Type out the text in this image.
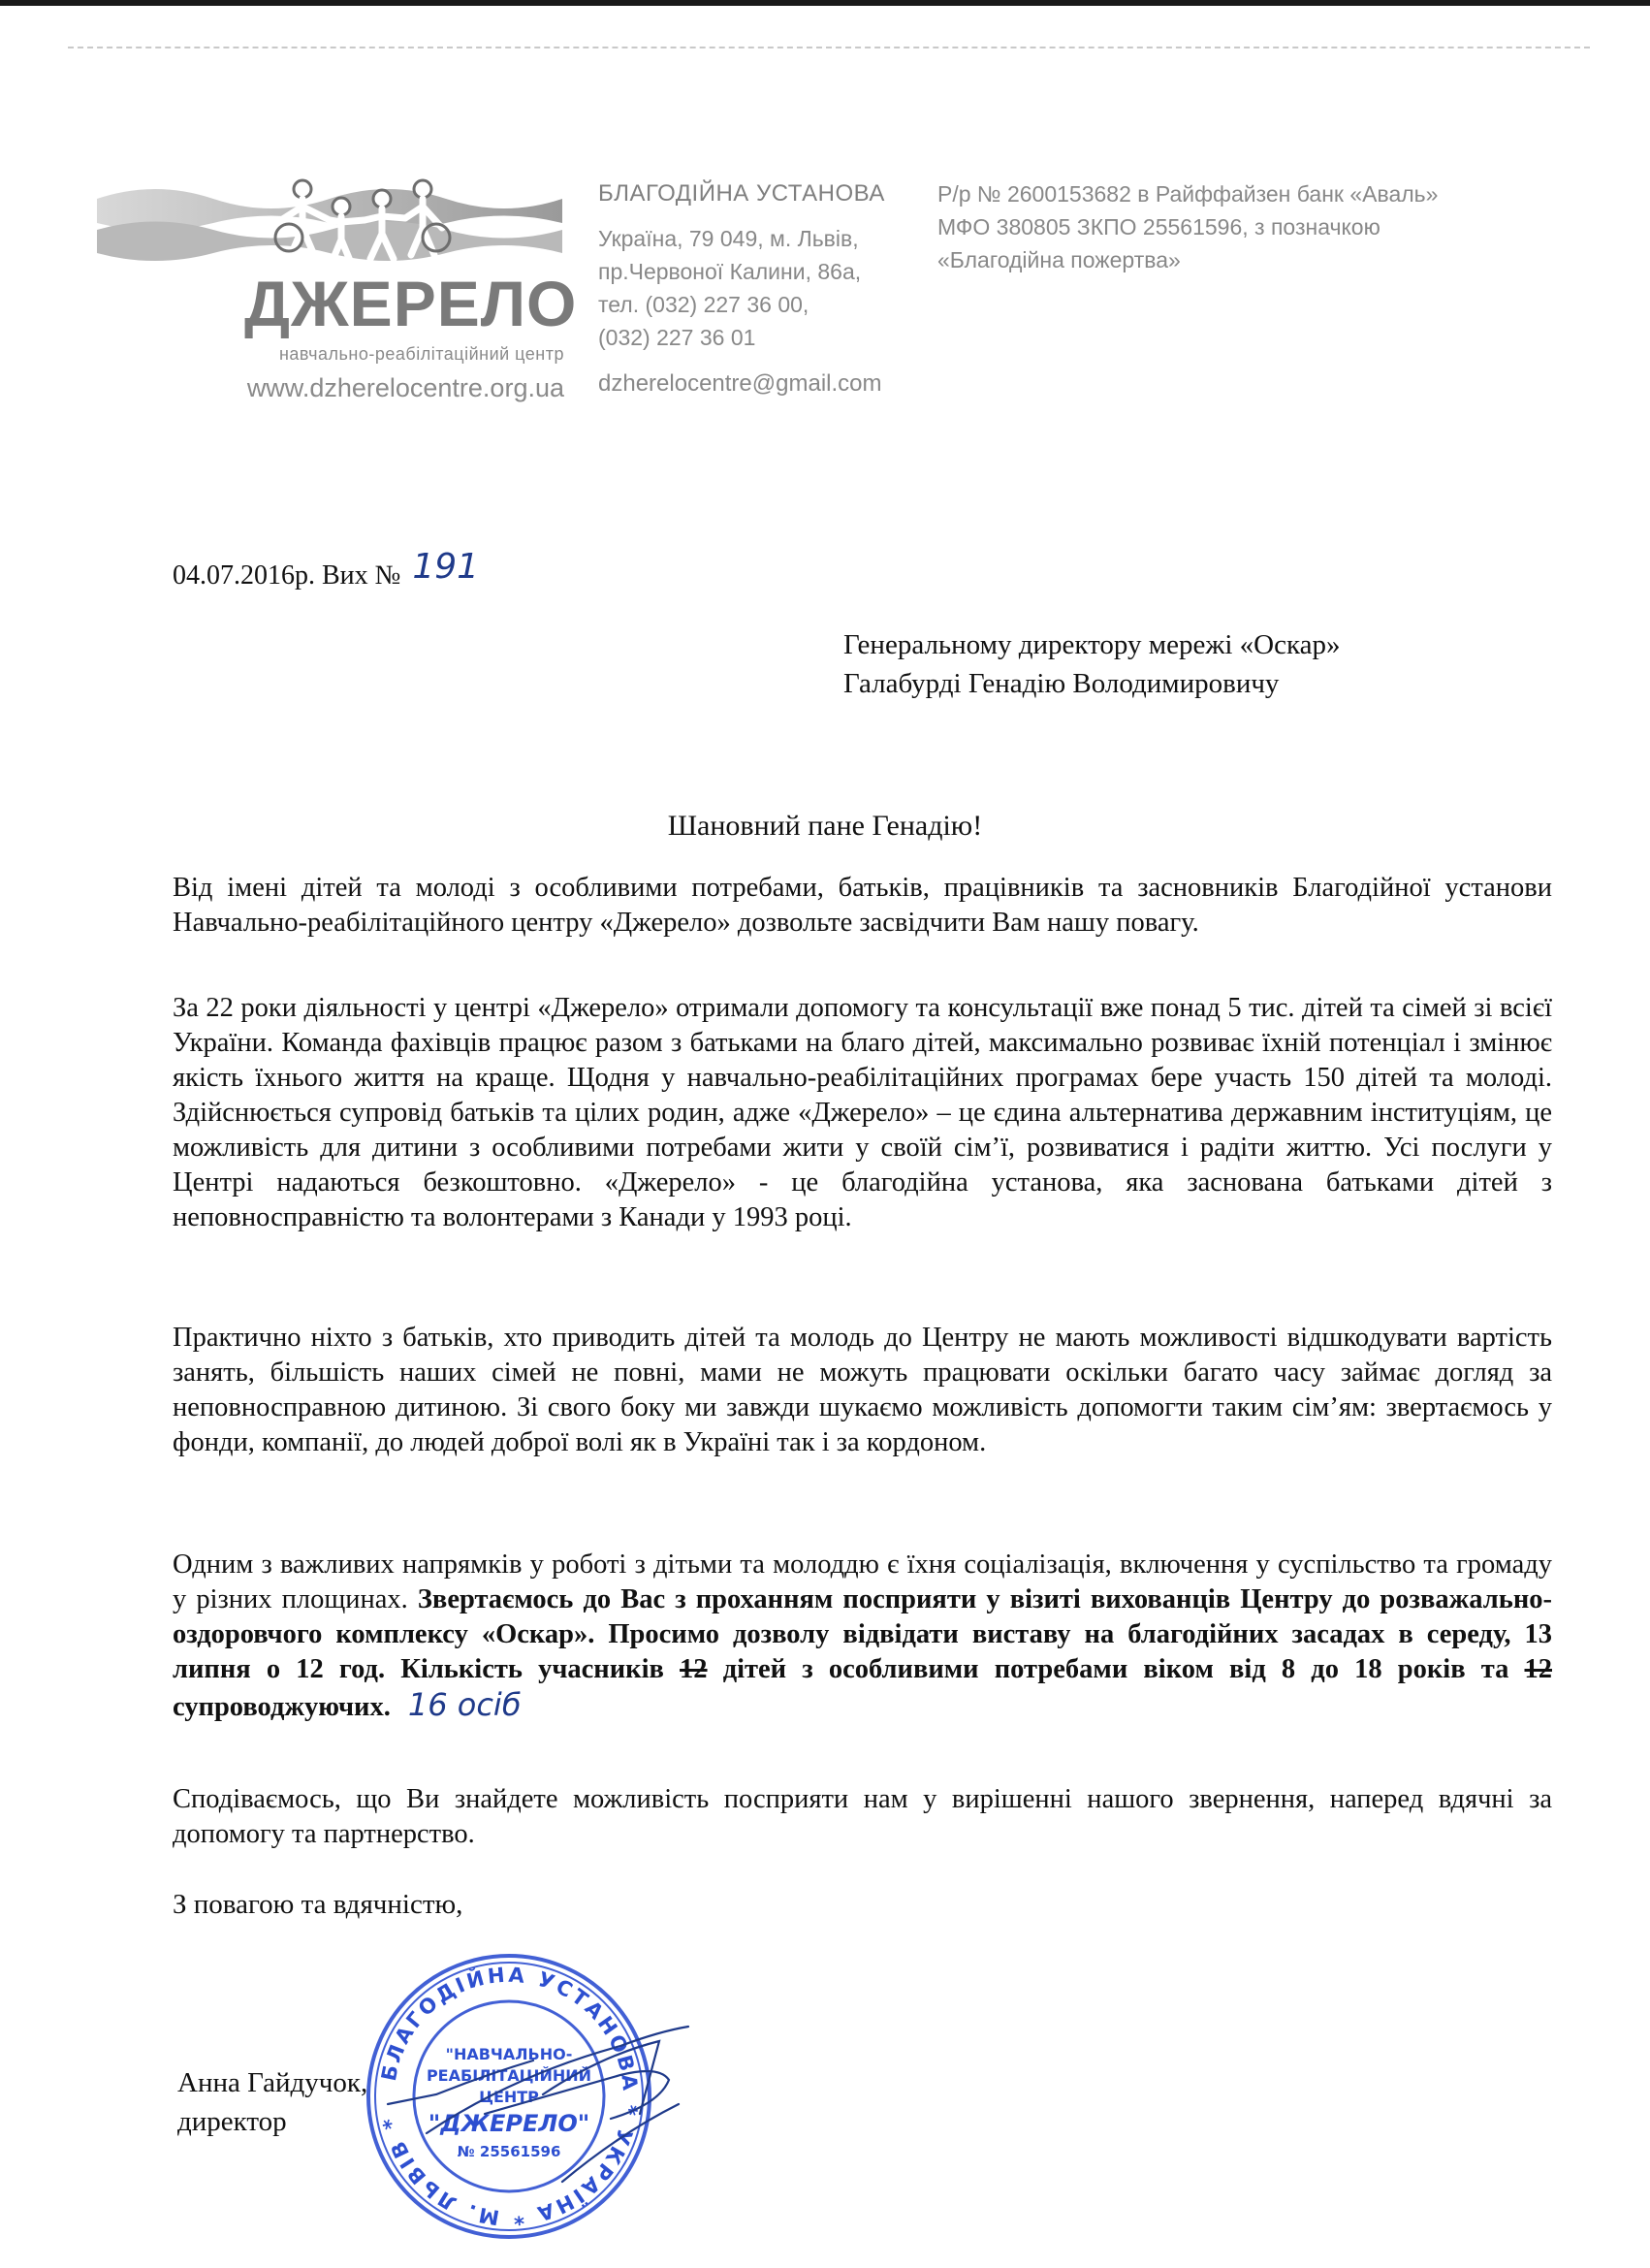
ДЖЕРЕЛО
навчально-реабілітаційний центр
www.dzherelocentre.org.ua
БЛАГОДІЙНА УСТАНОВА
Україна, 79 049, м. Львів,
пр.Червоної Калини, 86а,
тел. (032) 227 36 00,
(032) 227 36 01
dzherelocentre@gmail.com
Р/р № 2600153682 в Райффайзен банк «Аваль»
МФО 380805 ЗКПО 25561596, з позначкою
«Благодійна пожертва»
04.07.2016р. Вих № 191
Генеральному директору мережі «Оскар»
Галабурді Генадію Володимировичу
Шановний пане Генадію!

Від імені дітей та молоді з особливими потребами, батьків, працівників та засновників Благодійної установи Навчально-реабілітаційного центру «Джерело» дозвольте засвідчити Вам нашу повагу.

За 22 роки діяльності у центрі «Джерело» отримали допомогу та консультації вже понад 5 тис. дітей та сімей зі всієї України. Команда фахівців працює разом з батьками на благо дітей, максимально розвиває їхній потенціал і змінює якість їхнього життя на краще. Щодня у навчально-реабілітаційних програмах бере участь 150 дітей та молоді. Здійснюється супровід батьків та цілих родин, адже «Джерело» – це єдина альтернатива державним інституціям, це можливість для дитини з особливими потребами жити у своїй сім’ї, розвиватися і радіти життю. Усі послуги у Центрі надаються безкоштовно. «Джерело» - це благодійна установа, яка заснована батьками дітей з неповносправністю та волонтерами з Канади у 1993 році.

Практично ніхто з батьків, хто приводить дітей та молодь до Центру не мають можливості відшкодувати вартість занять, більшість наших сімей не повні, мами не можуть працювати оскільки багато часу займає догляд за неповносправною дитиною. Зі свого боку ми завжди шукаємо можливість допомогти таким сім’ям: звертаємось у фонди, компанії, до людей доброї волі як в Україні так і за кордоном.

Одним з важливих напрямків у роботі з дітьми та молоддю є їхня соціалізація, включення у суспільство та громаду у різних площинах. Звертаємось до Вас з проханням посприяти у візиті вихованців Центру до розважально-оздоровчого комплексу «Оскар». Просимо дозволу відвідати виставу на благодійних засадах в середу, 13 липня о 12 год. Кількість учасників 12 дітей з особливими потребами віком від 8 до 18 років та 12 супроводжуючих. 16 осіб

Сподіваємось, що Ви знайдете можливість посприяти нам у вирішенні нашого звернення, наперед вдячні за допомогу та партнерство.

З повагою та вдячністю,
Анна Гайдучок,
директор
БЛАГОДІЙНА УСТАНОВА * УКРАЇНА * М. ЛЬВІВ *
"НАВЧАЛЬНО-
РЕАБІЛІТАЦІЙНИЙ
ЦЕНТР
"ДЖЕРЕЛО"
№ 25561596
